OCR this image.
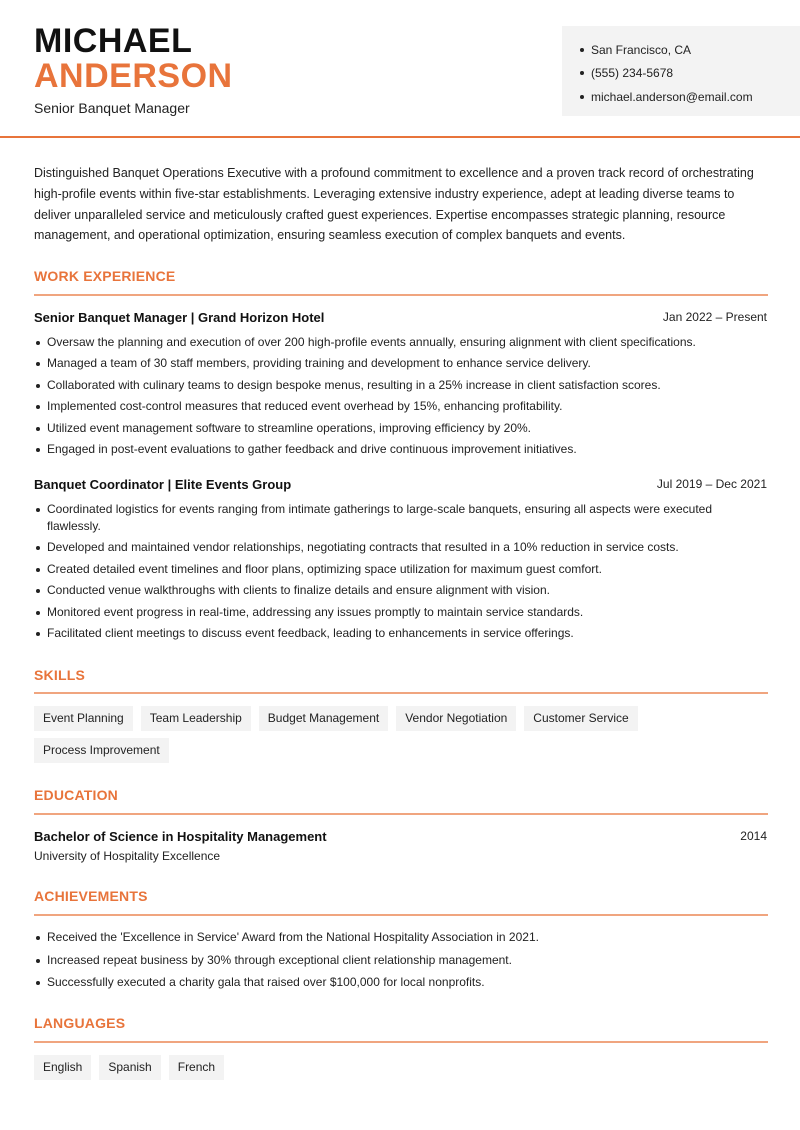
MICHAEL
ANDERSON
Senior Banquet Manager
San Francisco, CA
(555) 234-5678
michael.anderson@email.com

Distinguished Banquet Operations Executive with a profound commitment to excellence and a proven track record of orchestrating high-profile events within five-star establishments. Leveraging extensive industry experience, adept at leading diverse teams to deliver unparalleled service and meticulously crafted guest experiences. Expertise encompasses strategic planning, resource management, and operational optimization, ensuring seamless execution of complex banquets and events.

WORK EXPERIENCE
Senior Banquet Manager | Grand Horizon Hotel	Jan 2022 – Present
Oversaw the planning and execution of over 200 high-profile events annually, ensuring alignment with client specifications.
Managed a team of 30 staff members, providing training and development to enhance service delivery.
Collaborated with culinary teams to design bespoke menus, resulting in a 25% increase in client satisfaction scores.
Implemented cost-control measures that reduced event overhead by 15%, enhancing profitability.
Utilized event management software to streamline operations, improving efficiency by 20%.
Engaged in post-event evaluations to gather feedback and drive continuous improvement initiatives.
Banquet Coordinator | Elite Events Group	Jul 2019 – Dec 2021
Coordinated logistics for events ranging from intimate gatherings to large-scale banquets, ensuring all aspects were executed flawlessly.
Developed and maintained vendor relationships, negotiating contracts that resulted in a 10% reduction in service costs.
Created detailed event timelines and floor plans, optimizing space utilization for maximum guest comfort.
Conducted venue walkthroughs with clients to finalize details and ensure alignment with vision.
Monitored event progress in real-time, addressing any issues promptly to maintain service standards.
Facilitated client meetings to discuss event feedback, leading to enhancements in service offerings.
SKILLS
Event Planning	Team Leadership	Budget Management	Vendor Negotiation	Customer Service
Process Improvement
EDUCATION
Bachelor of Science in Hospitality Management	2014
University of Hospitality Excellence
ACHIEVEMENTS
Received the 'Excellence in Service' Award from the National Hospitality Association in 2021.
Increased repeat business by 30% through exceptional client relationship management.
Successfully executed a charity gala that raised over $100,000 for local nonprofits.
LANGUAGES
English	Spanish	French
